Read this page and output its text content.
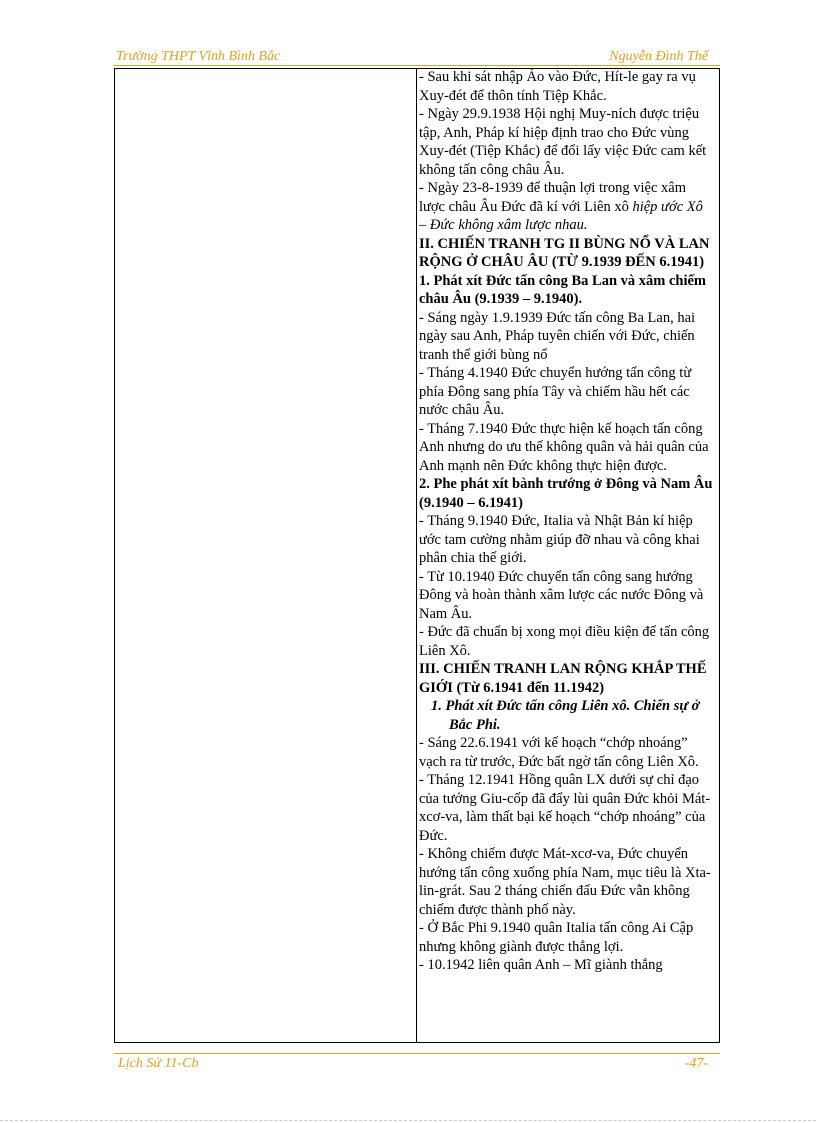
Trường THPT Vĩnh Bình Bắc	Nguyễn Đình Thế

- Sau khi sát nhập Áo vào Đức, Hít-le gay ra vụ Xuy-đét để thôn tính Tiệp Khắc.

- Ngày 29.9.1938 Hội nghị Muy-ních được triệu tập, Anh, Pháp kí hiệp định trao cho Đức vùng Xuy-đét (Tiệp Khắc) để đổi lấy việc Đức cam kết không tấn công châu Âu.

- Ngày 23-8-1939 để thuận lợi trong việc xâm lược châu Âu Đức đã kí với Liên xô hiệp ước Xô – Đức không xâm lược nhau.

II. CHIẾN TRANH TG II BÙNG NỔ VÀ LAN RỘNG Ở CHÂU ÂU (TỪ 9.1939 ĐẾN 6.1941)

1. Phát xít Đức tấn công Ba Lan và xâm chiếm châu Âu (9.1939 – 9.1940).

- Sáng ngày 1.9.1939 Đức tấn công Ba Lan, hai ngày sau Anh, Pháp tuyên chiến với Đức, chiến tranh thế giới bùng nổ

- Tháng 4.1940 Đức chuyển hướng tấn công từ phía Đông sang phía Tây và chiếm hầu hết các nước châu Âu.

- Tháng 7.1940 Đức thực hiện kế hoạch tấn công Anh nhưng do ưu thế không quân và hải quân của Anh mạnh nên Đức không thực hiện được.

2. Phe phát xít bành trướng ở Đông và Nam Âu (9.1940 – 6.1941)

- Tháng 9.1940 Đức, Italia và Nhật Bản kí hiệp ước tam cường nhằm giúp đỡ nhau và công khai phân chia thế giới.

- Từ 10.1940 Đức chuyển tấn công sang hướng Đông và hoàn thành xâm lược các nước Đông và Nam Âu.

- Đức đã chuẩn bị xong mọi điều kiện để tấn công Liên Xô.

III. CHIẾN TRANH LAN RỘNG KHẮP THẾ GIỚI (Từ 6.1941 đến 11.1942)

1. Phát xít Đức tấn công Liên xô. Chiến sự ở Bắc Phi.

- Sáng 22.6.1941 với kế hoạch “chớp nhoáng” vạch ra từ trước, Đức bất ngờ tấn công Liên Xô.

- Tháng 12.1941 Hồng quân LX dưới sự chỉ đạo của tướng Giu-cốp đã đẩy lùi quân Đức khỏi Mát-xcơ-va, làm thất bại kế hoạch “chớp nhoáng” của Đức.

- Không chiếm được Mát-xcơ-va, Đức chuyển hướng tấn công xuống phía Nam, mục tiêu là Xta-lin-grát. Sau 2 tháng chiến đấu Đức vẫn không chiếm được thành phố này.

- Ở Bắc Phi 9.1940 quân Italia tấn công Ai Cập nhưng không giành được thắng lợi.

- 10.1942 liên quân Anh – Mĩ giành thắng

Lịch Sử 11-Cb	-47-
